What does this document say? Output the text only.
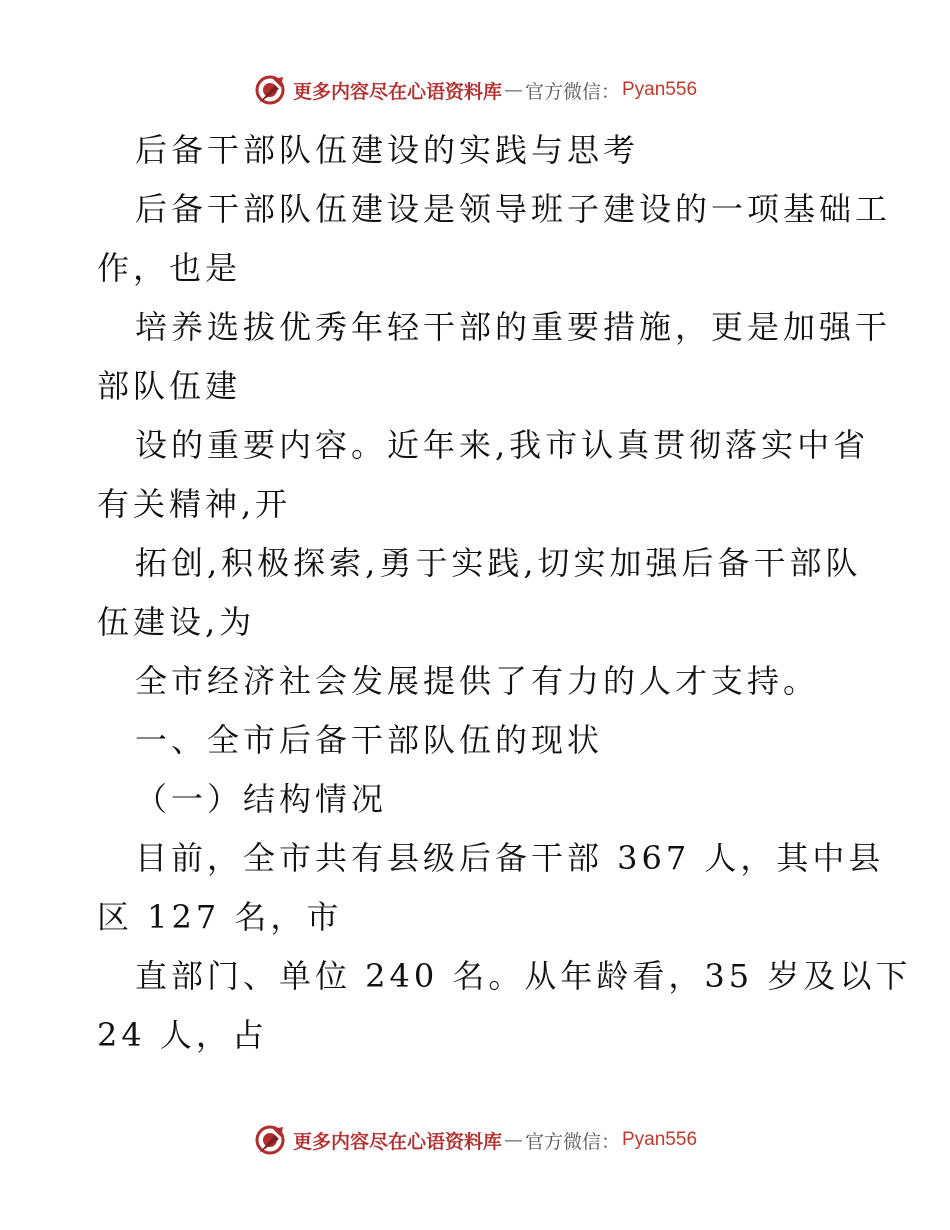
更多内容尽在心语资料库 — 官方微信： Pyan556
后备干部队伍建设的实践与思考
后备干部队伍建设是领导班子建设的一项基础工
作，也是
培养选拔优秀年轻干部的重要措施，更是加强干
部队伍建
设的重要内容。近年来,我市认真贯彻落实中省
有关精神,开
拓创,积极探索,勇于实践,切实加强后备干部队
伍建设,为
全市经济社会发展提供了有力的人才支持。
一、全市后备干部队伍的现状
（一）结构情况
目前，全市共有县级后备干部 367 人，其中县
区 127 名，市
直部门、单位 240 名。从年龄看，35 岁及以下
24 人，占
更多内容尽在心语资料库 — 官方微信： Pyan556
